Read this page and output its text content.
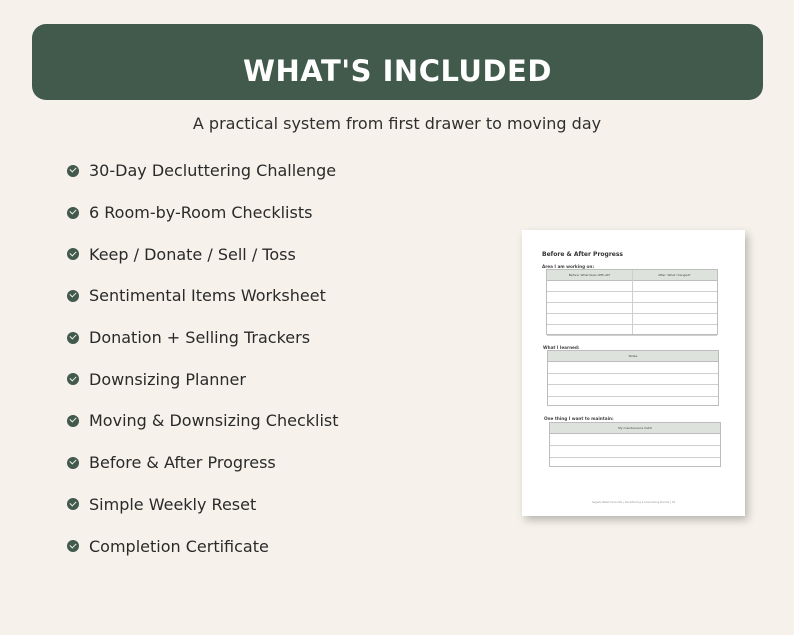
WHAT'S INCLUDED
A practical system from first drawer to moving day
30-Day Decluttering Challenge
6 Room-by-Room Checklists
Keep / Donate / Sell / Toss
Sentimental Items Worksheet
Donation + Selling Trackers
Downsizing Planner
Moving & Downsizing Checklist
Before & After Progress
Simple Weekly Reset
Completion Certificate
Before & After Progress
Area I am working on:
Before: What feels difficult?	After: What changed?
What I learned:
Notes
One thing I want to maintain:
My maintenance habit
SageAndNest Favourite | Decluttering & Downsizing Bundle | 18
